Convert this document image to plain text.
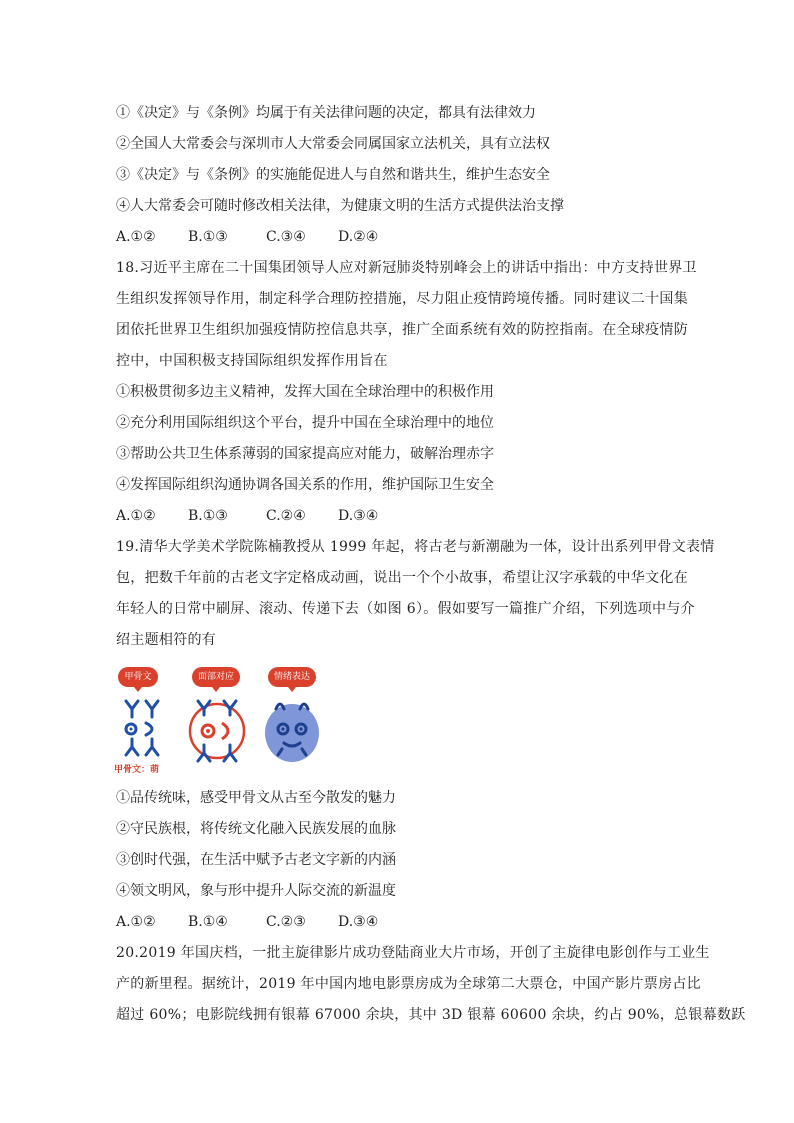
①《决定》与《条例》均属于有关法律问题的决定，都具有法律效力
②全国人大常委会与深圳市人大常委会同属国家立法机关，具有立法权
③《决定》与《条例》的实施能促进人与自然和谐共生，维护生态安全
④人大常委会可随时修改相关法律，为健康文明的生活方式提供法治支撑
A.①② B.①③	C.③④ D.②④
18.习近平主席在二十国集团领导人应对新冠肺炎特别峰会上的讲话中指出：中方支持世界卫
生组织发挥领导作用，制定科学合理防控措施，尽力阻止疫情跨境传播。同时建议二十国集
团依托世界卫生组织加强疫情防控信息共享，推广全面系统有效的防控指南。在全球疫情防
控中，中国积极支持国际组织发挥作用旨在
①积极贯彻多边主义精神，发挥大国在全球治理中的积极作用
②充分利用国际组织这个平台，提升中国在全球治理中的地位
③帮助公共卫生体系薄弱的国家提高应对能力，破解治理赤字
④发挥国际组织沟通协调各国关系的作用，维护国际卫生安全
A.①② B.①③	C.②④ D.③④
19.清华大学美术学院陈楠教授从 1999 年起，将古老与新潮融为一体，设计出系列甲骨文表情
包，把数千年前的古老文字定格成动画，说出一个个小故事，希望让汉字承载的中华文化在
年轻人的日常中刷屏、滚动、传递下去（如图 6）。假如要写一篇推广介绍，下列选项中与介
绍主题相符的有
甲骨文	面部对应	情绪表达
甲骨文：萌
①品传统味，感受甲骨文从古至今散发的魅力
②守民族根，将传统文化融入民族发展的血脉
③创时代强，在生活中赋予古老文字新的内涵
④领文明风，象与形中提升人际交流的新温度
A.①② B.①④	C.②③ D.③④
20.2019 年国庆档，一批主旋律影片成功登陆商业大片市场，开创了主旋律电影创作与工业生
产的新里程。据统计，2019 年中国内地电影票房成为全球第二大票仓，中国产影片票房占比
超过 60%；电影院线拥有银幕 67000 余块，其中 3D 银幕 60600 余块，约占 90%，总银幕数跃
